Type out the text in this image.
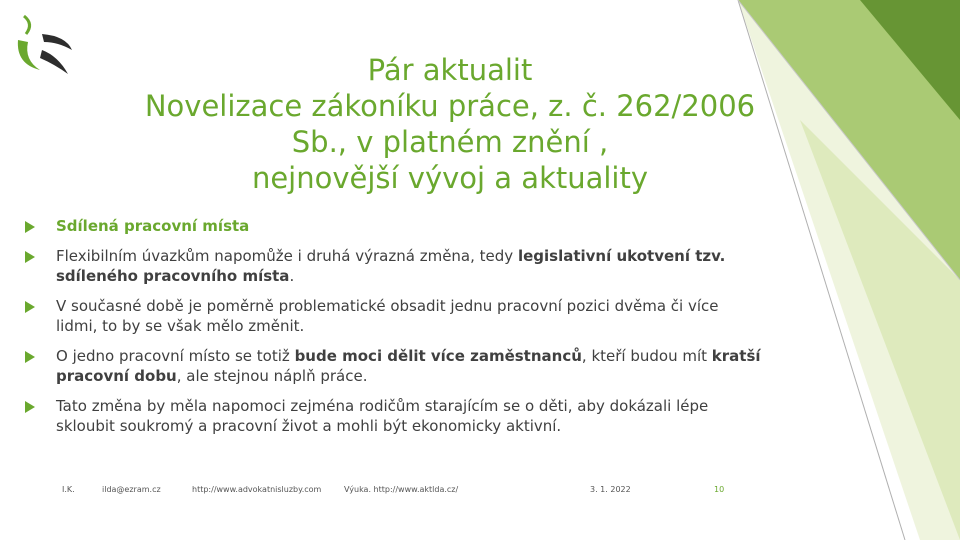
Pár aktualit
Novelizace zákoníku práce, z. č. 262/2006
Sb., v platném znění ,
nejnovější vývoj a aktuality
Sdílená pracovní místa
Flexibilním úvazkům napomůže i druhá výrazná změna, tedy legislativní ukotvení tzv. sdíleného pracovního místa.
V současné době je poměrně problematické obsadit jednu pracovní pozici dvěma či více lidmi, to by se však mělo změnit.
O jedno pracovní místo se totiž bude moci dělit více zaměstnanců, kteří budou mít kratší pracovní dobu, ale stejnou náplň práce.
Tato změna by měla napomoci zejména rodičům starajícím se o děti, aby dokázali lépe skloubit soukromý a pracovní život a mohli být ekonomicky aktivní.
I.K.	ilda@ezram.cz	http://www.advokatnisluzby.com	Výuka. http://www.aktlda.cz/	3. 1. 2022	10
